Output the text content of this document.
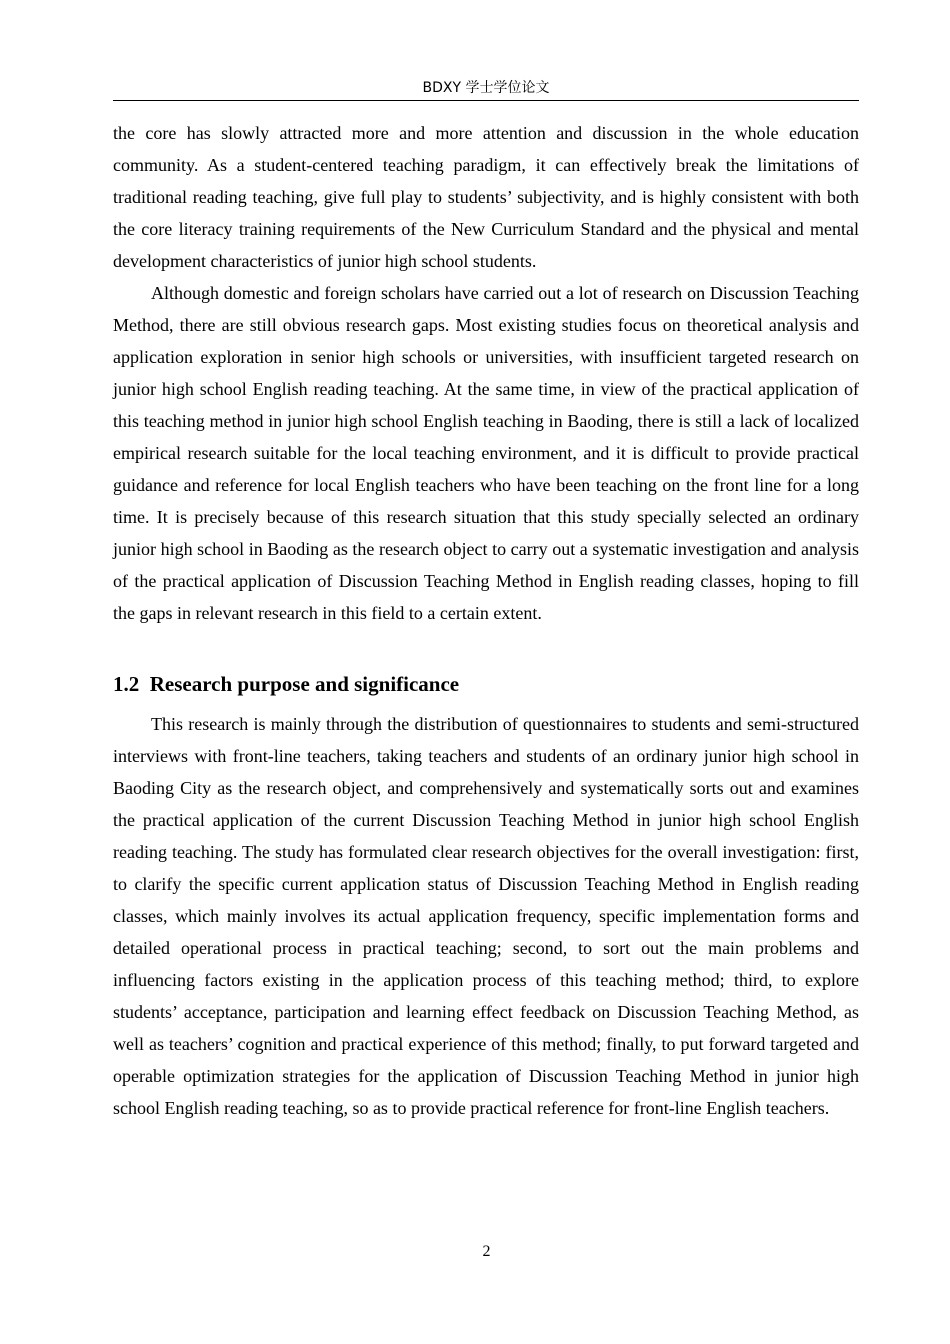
BDXY 学士学位论文

the core has slowly attracted more and more attention and discussion in the whole education community. As a student-centered teaching paradigm, it can effectively break the limitations of traditional reading teaching, give full play to students’ subjectivity, and is highly consistent with both the core literacy training requirements of the New Curriculum Standard and the physical and mental development characteristics of junior high school students.

Although domestic and foreign scholars have carried out a lot of research on Discussion Teaching Method, there are still obvious research gaps. Most existing studies focus on theoretical analysis and application exploration in senior high schools or universities, with insufficient targeted research on junior high school English reading teaching. At the same time, in view of the practical application of this teaching method in junior high school English teaching in Baoding, there is still a lack of localized empirical research suitable for the local teaching environment, and it is difficult to provide practical guidance and reference for local English teachers who have been teaching on the front line for a long time. It is precisely because of this research situation that this study specially selected an ordinary junior high school in Baoding as the research object to carry out a systematic investigation and analysis of the practical application of Discussion Teaching Method in English reading classes, hoping to fill the gaps in relevant research in this field to a certain extent.

1.2  Research purpose and significance

This research is mainly through the distribution of questionnaires to students and semi-structured interviews with front-line teachers, taking teachers and students of an ordinary junior high school in Baoding City as the research object, and comprehensively and systematically sorts out and examines the practical application of the current Discussion Teaching Method in junior high school English reading teaching. The study has formulated clear research objectives for the overall investigation: first, to clarify the specific current application status of Discussion Teaching Method in English reading classes, which mainly involves its actual application frequency, specific implementation forms and detailed operational process in practical teaching; second, to sort out the main problems and influencing factors existing in the application process of this teaching method; third, to explore students’ acceptance, participation and learning effect feedback on Discussion Teaching Method, as well as teachers’ cognition and practical experience of this method; finally, to put forward targeted and operable optimization strategies for the application of Discussion Teaching Method in junior high school English reading teaching, so as to provide practical reference for front-line English teachers.

2
